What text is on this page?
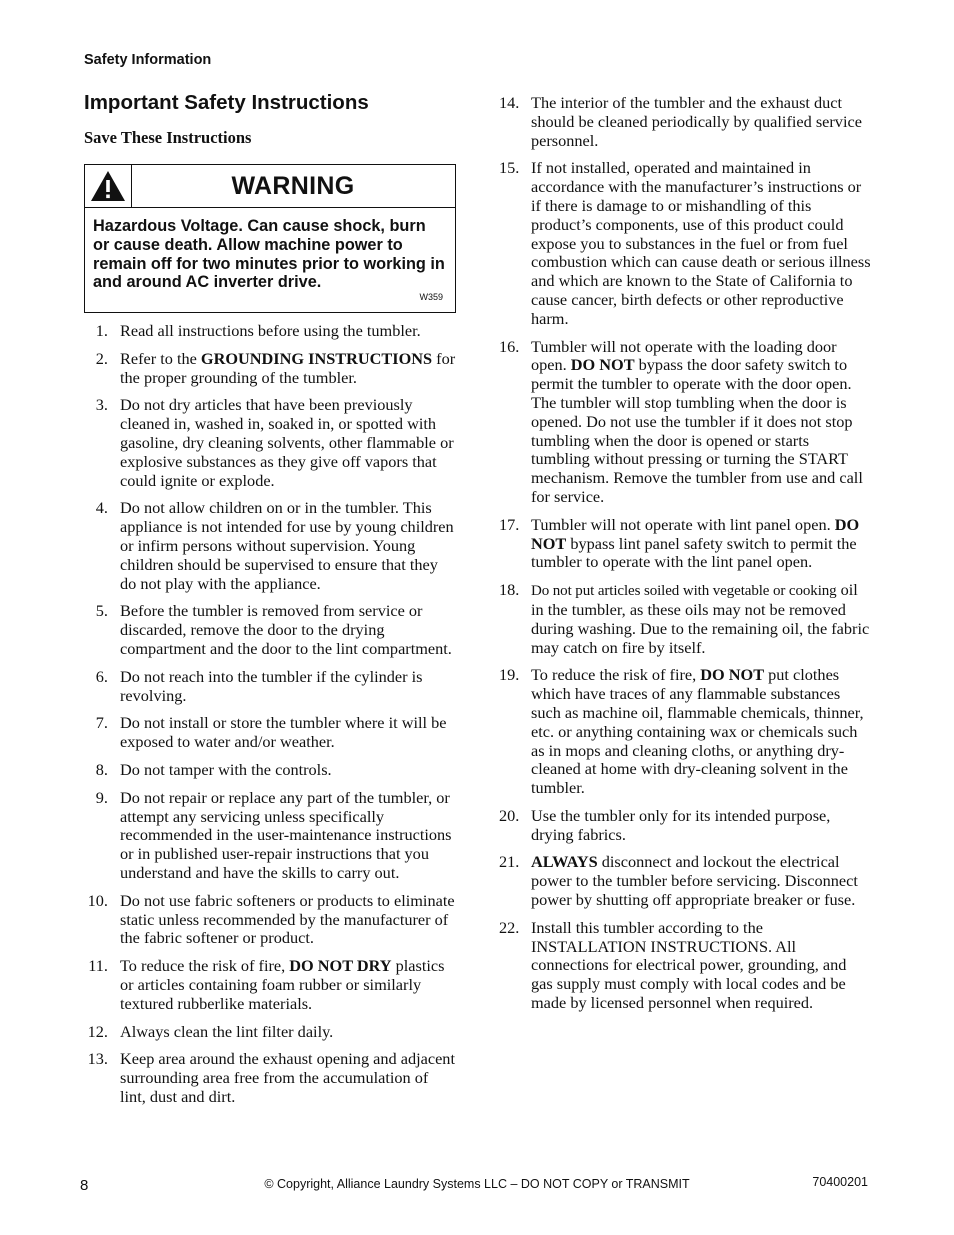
Safety Information
Important Safety Instructions
Save These Instructions
WARNING
Hazardous Voltage. Can cause shock, burn or cause death. Allow machine power to remain off for two minutes prior to working in and around AC inverter drive.
W359
1. Read all instructions before using the tumbler.
2. Refer to the GROUNDING INSTRUCTIONS for the proper grounding of the tumbler.
3. Do not dry articles that have been previously cleaned in, washed in, soaked in, or spotted with gasoline, dry cleaning solvents, other flammable or explosive substances as they give off vapors that could ignite or explode.
4. Do not allow children on or in the tumbler. This appliance is not intended for use by young children or infirm persons without supervision. Young children should be supervised to ensure that they do not play with the appliance.
5. Before the tumbler is removed from service or discarded, remove the door to the drying compartment and the door to the lint compartment.
6. Do not reach into the tumbler if the cylinder is revolving.
7. Do not install or store the tumbler where it will be exposed to water and/or weather.
8. Do not tamper with the controls.
9. Do not repair or replace any part of the tumbler, or attempt any servicing unless specifically recommended in the user-maintenance instructions or in published user-repair instructions that you understand and have the skills to carry out.
10. Do not use fabric softeners or products to eliminate static unless recommended by the manufacturer of the fabric softener or product.
11. To reduce the risk of fire, DO NOT DRY plastics or articles containing foam rubber or similarly textured rubberlike materials.
12. Always clean the lint filter daily.
13. Keep area around the exhaust opening and adjacent surrounding area free from the accumulation of lint, dust and dirt.
14. The interior of the tumbler and the exhaust duct should be cleaned periodically by qualified service personnel.
15. If not installed, operated and maintained in accordance with the manufacturer’s instructions or if there is damage to or mishandling of this product’s components, use of this product could expose you to substances in the fuel or from fuel combustion which can cause death or serious illness and which are known to the State of California to cause cancer, birth defects or other reproductive harm.
16. Tumbler will not operate with the loading door open. DO NOT bypass the door safety switch to permit the tumbler to operate with the door open. The tumbler will stop tumbling when the door is opened. Do not use the tumbler if it does not stop tumbling when the door is opened or starts tumbling without pressing or turning the START mechanism. Remove the tumbler from use and call for service.
17. Tumbler will not operate with lint panel open. DO NOT bypass lint panel safety switch to permit the tumbler to operate with the lint panel open.
18. Do not put articles soiled with vegetable or cooking oil in the tumbler, as these oils may not be removed during washing. Due to the remaining oil, the fabric may catch on fire by itself.
19. To reduce the risk of fire, DO NOT put clothes which have traces of any flammable substances such as machine oil, flammable chemicals, thinner, etc. or anything containing wax or chemicals such as in mops and cleaning cloths, or anything dry-cleaned at home with dry-cleaning solvent in the tumbler.
20. Use the tumbler only for its intended purpose, drying fabrics.
21. ALWAYS disconnect and lockout the electrical power to the tumbler before servicing. Disconnect power by shutting off appropriate breaker or fuse.
22. Install this tumbler according to the INSTALLATION INSTRUCTIONS. All connections for electrical power, grounding, and gas supply must comply with local codes and be made by licensed personnel when required.
8	© Copyright, Alliance Laundry Systems LLC – DO NOT COPY or TRANSMIT	70400201
